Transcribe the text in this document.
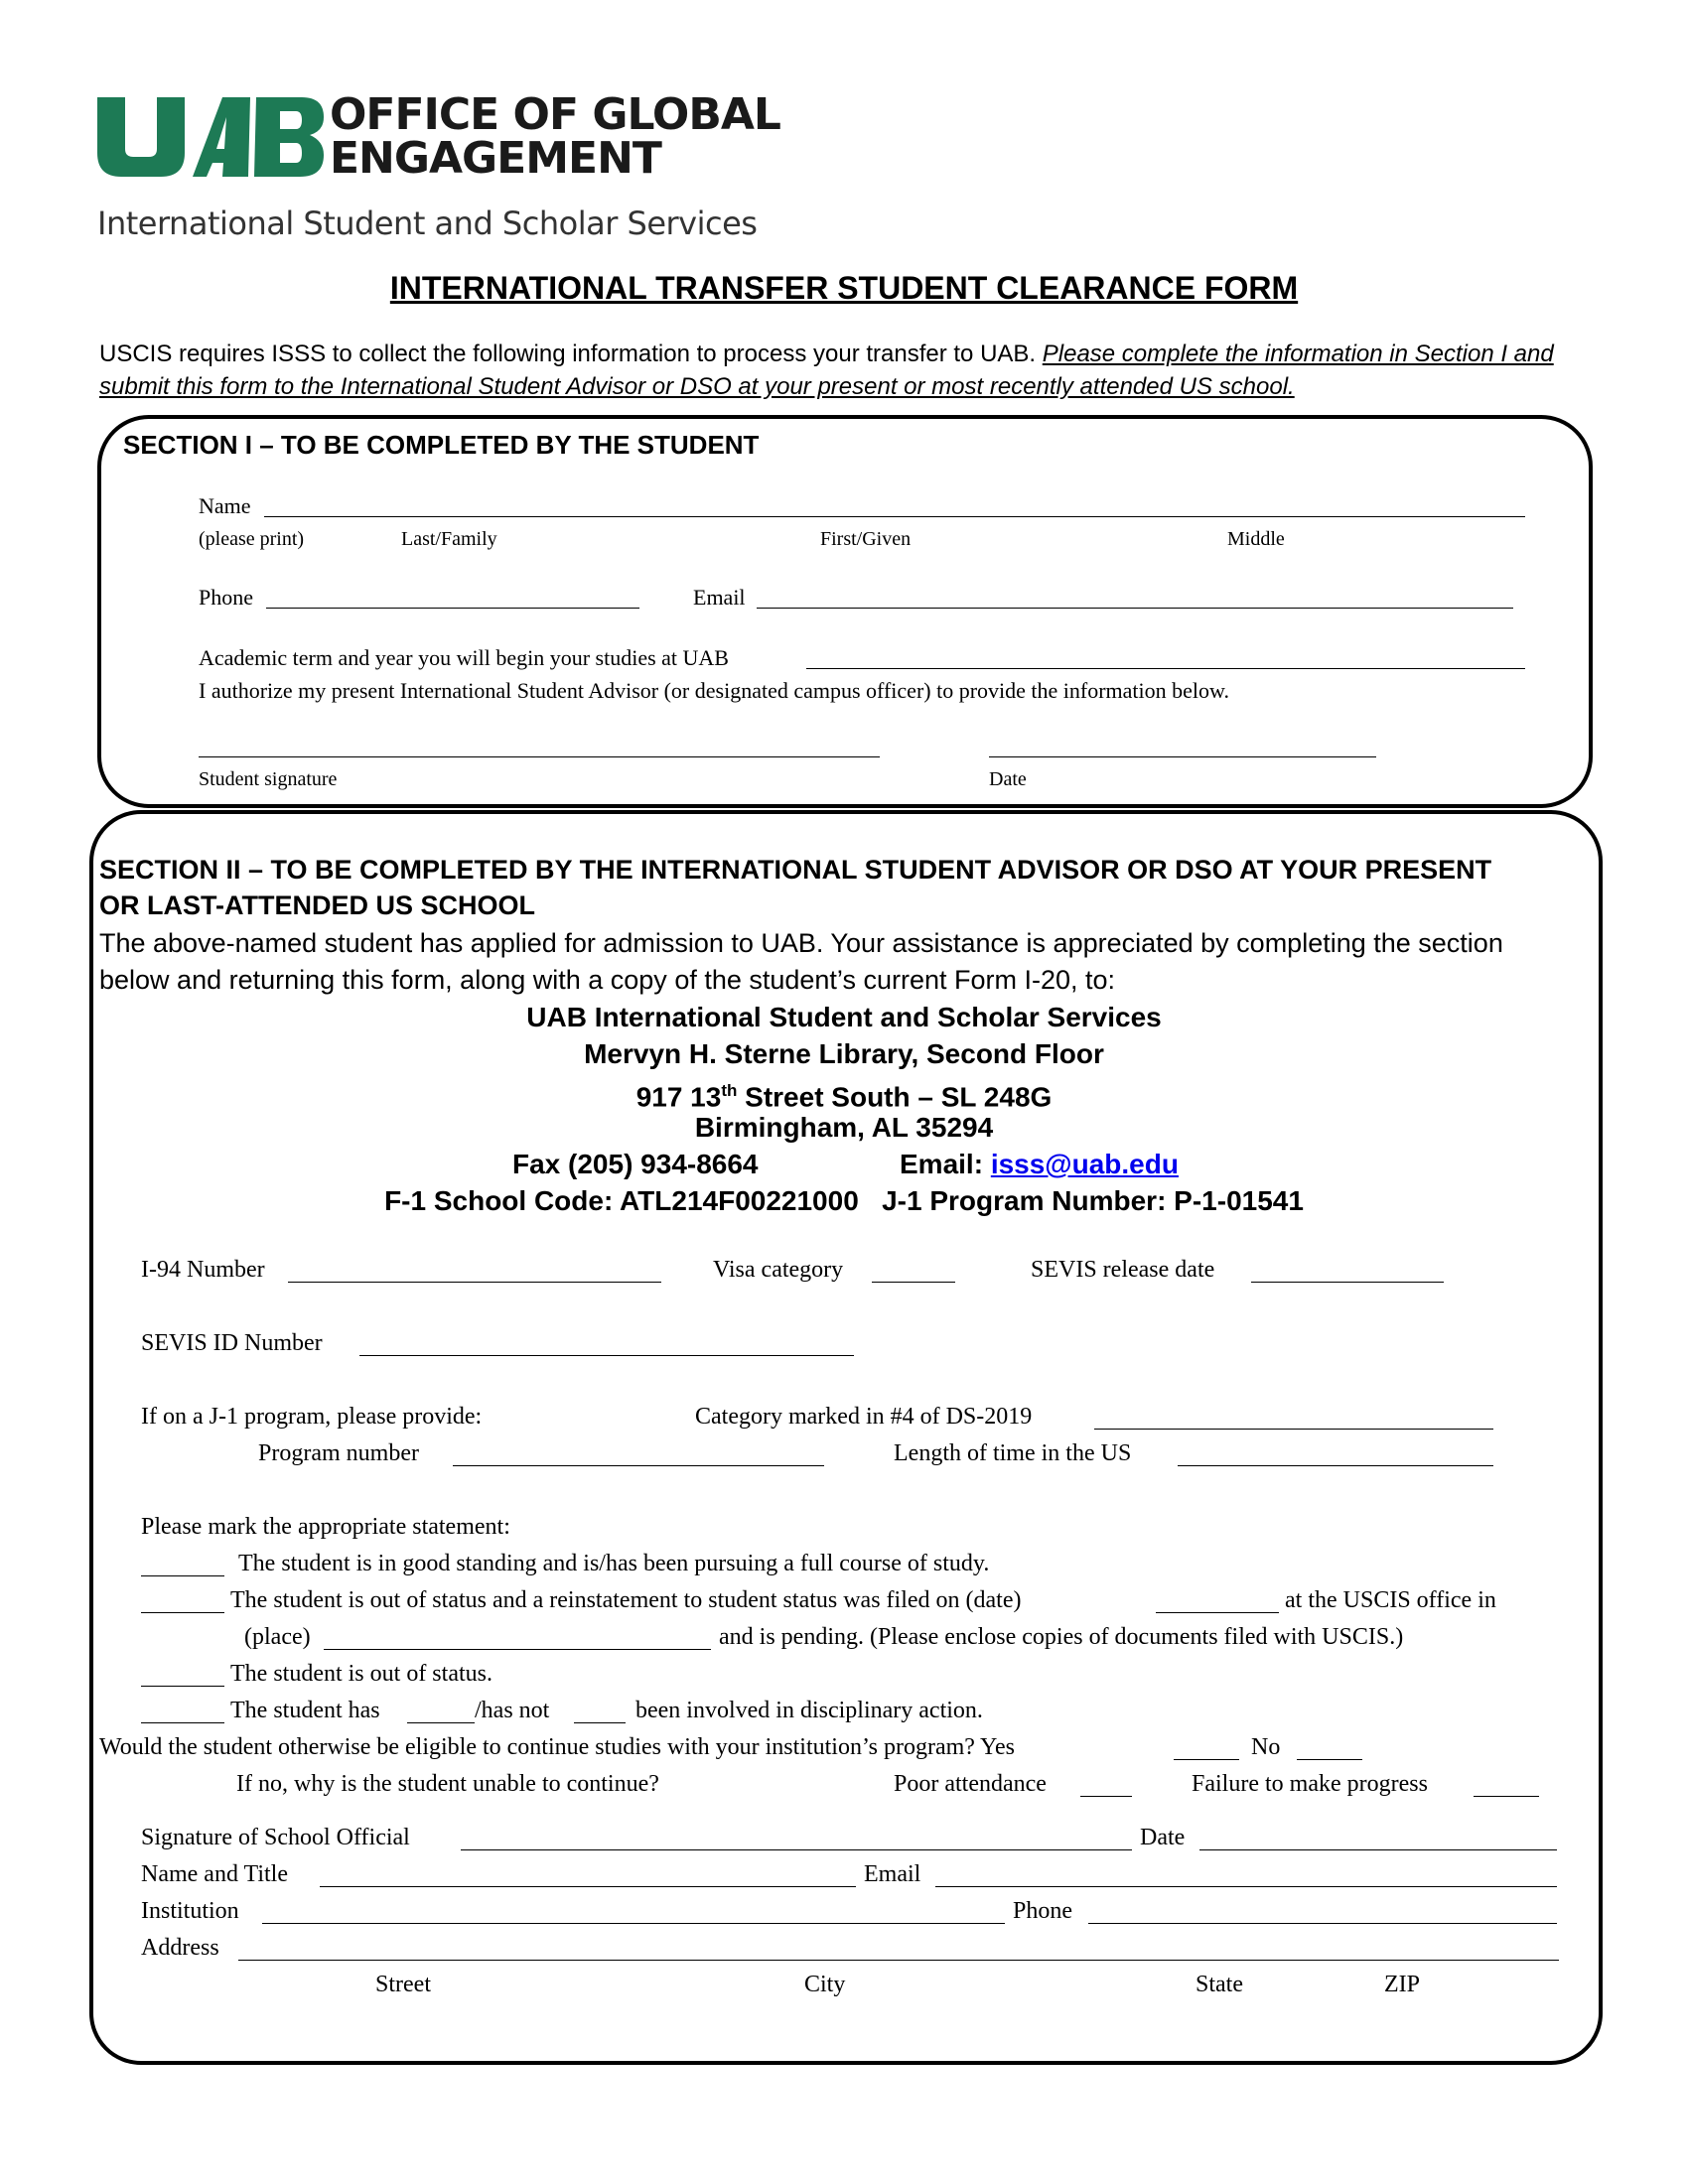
OFFICE OF GLOBAL
ENGAGEMENT
International Student and Scholar Services
INTERNATIONAL TRANSFER STUDENT CLEARANCE FORM
USCIS requires ISSS to collect the following information to process your transfer to UAB. Please complete the information in Section I and submit this form to the International Student Advisor or DSO at your present or most recently attended US school.
SECTION I – TO BE COMPLETED BY THE STUDENT
Name
(please print)	Last/Family	First/Given	Middle
Phone	Email
Academic term and year you will begin your studies at UAB
I authorize my present International Student Advisor (or designated campus officer) to provide the information below.
Student signature	Date
SECTION II – TO BE COMPLETED BY THE INTERNATIONAL STUDENT ADVISOR OR DSO AT YOUR PRESENT
OR LAST-ATTENDED US SCHOOL
The above-named student has applied for admission to UAB. Your assistance is appreciated by completing the section
below and returning this form, along with a copy of the student’s current Form I-20, to:
UAB International Student and Scholar Services
Mervyn H. Sterne Library, Second Floor
917 13th Street South – SL 248G
Birmingham, AL 35294
Fax (205) 934-8664	Email: isss@uab.edu
F-1 School Code: ATL214F00221000   J-1 Program Number: P-1-01541
I-94 Number	Visa category	SEVIS release date
SEVIS ID Number
If on a J-1 program, please provide:	Category marked in #4 of DS-2019
Program number	Length of time in the US
Please mark the appropriate statement:
The student is in good standing and is/has been pursuing a full course of study.
The student is out of status and a reinstatement to student status was filed on (date)	at the USCIS office in
(place)	and is pending. (Please enclose copies of documents filed with USCIS.)
The student is out of status.
The student has	/has not	been involved in disciplinary action.
Would the student otherwise be eligible to continue studies with your institution’s program? Yes	No
If no, why is the student unable to continue?	Poor attendance	Failure to make progress
Signature of School Official	Date
Name and Title	Email
Institution	Phone
Address
Street	City	State	ZIP
